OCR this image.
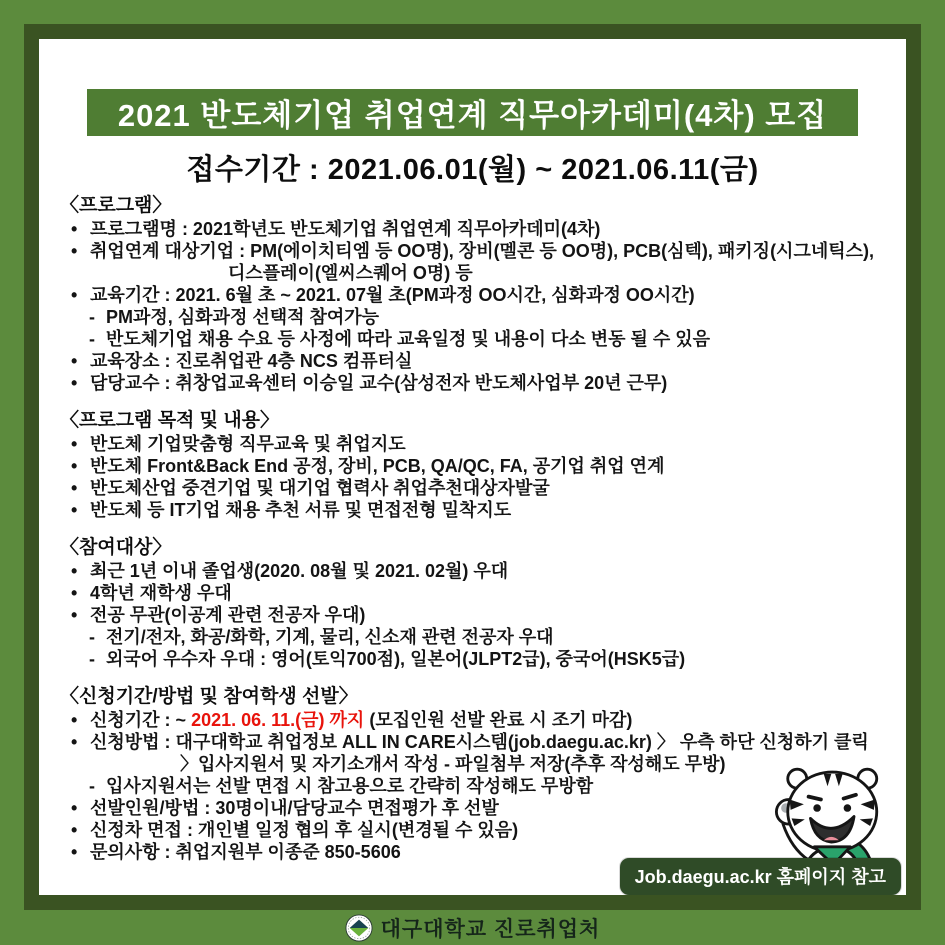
2021 반도체기업 취업연계 직무아카데미(4차) 모집
접수기간 : 2021.06.01(월) ~ 2021.06.11(금)
〈프로그램〉
• 프로그램명 : 2021학년도 반도체기업 취업연계 직무아카데미(4차)
• 취업연계 대상기업 : PM(에이치티엠 등 OO명), 장비(멜콘 등 OO명), PCB(심텍), 패키징(시그네틱스),
디스플레이(엘씨스퀘어 O명) 등
• 교육기간 : 2021. 6월 초 ~ 2021. 07월 초(PM과정 OO시간, 심화과정 OO시간)
- PM과정, 심화과정 선택적 참여가능
- 반도체기업 채용 수요 등 사정에 따라 교육일정 및 내용이 다소 변동 될 수 있음
• 교육장소 : 진로취업관 4층 NCS 컴퓨터실
• 담당교수 : 취창업교육센터 이승일 교수(삼성전자 반도체사업부 20년 근무)
〈프로그램 목적 및 내용〉
• 반도체 기업맞춤형 직무교육 및 취업지도
• 반도체 Front&Back End 공정, 장비, PCB, QA/QC, FA, 공기업 취업 연계
• 반도체산업 중견기업 및 대기업 협력사 취업추천대상자발굴
• 반도체 등 IT기업 채용 추천 서류 및 면접전형 밀착지도
〈참여대상〉
• 최근 1년 이내 졸업생(2020. 08월 및 2021. 02월) 우대
• 4학년 재학생 우대
• 전공 무관(이공계 관련 전공자 우대)
- 전기/전자, 화공/화학, 기계, 물리, 신소재 관련 전공자 우대
- 외국어 우수자 우대 : 영어(토익700점), 일본어(JLPT2급), 중국어(HSK5급)
〈신청기간/방법 및 참여학생 선발〉
• 신청기간 : ~ 2021. 06. 11.(금) 까지 (모집인원 선발 완료 시 조기 마감)
• 신청방법 : 대구대학교 취업정보 ALL IN CARE시스템(job.daegu.ac.kr) 〉 우측 하단 신청하기 클릭
〉 입사지원서 및 자기소개서 작성 - 파일첨부 저장(추후 작성해도 무방)
- 입사지원서는 선발 면접 시 참고용으로 간략히 작성해도 무방함
• 선발인원/방법 : 30명이내/담당교수 면접평가 후 선발
• 신정차 면접 : 개인별 일정 협의 후 실시(변경될 수 있음)
• 문의사항 : 취업지원부 이종준 850-5606
Job.daegu.ac.kr 홈페이지 참고
대구대학교 진로취업처
